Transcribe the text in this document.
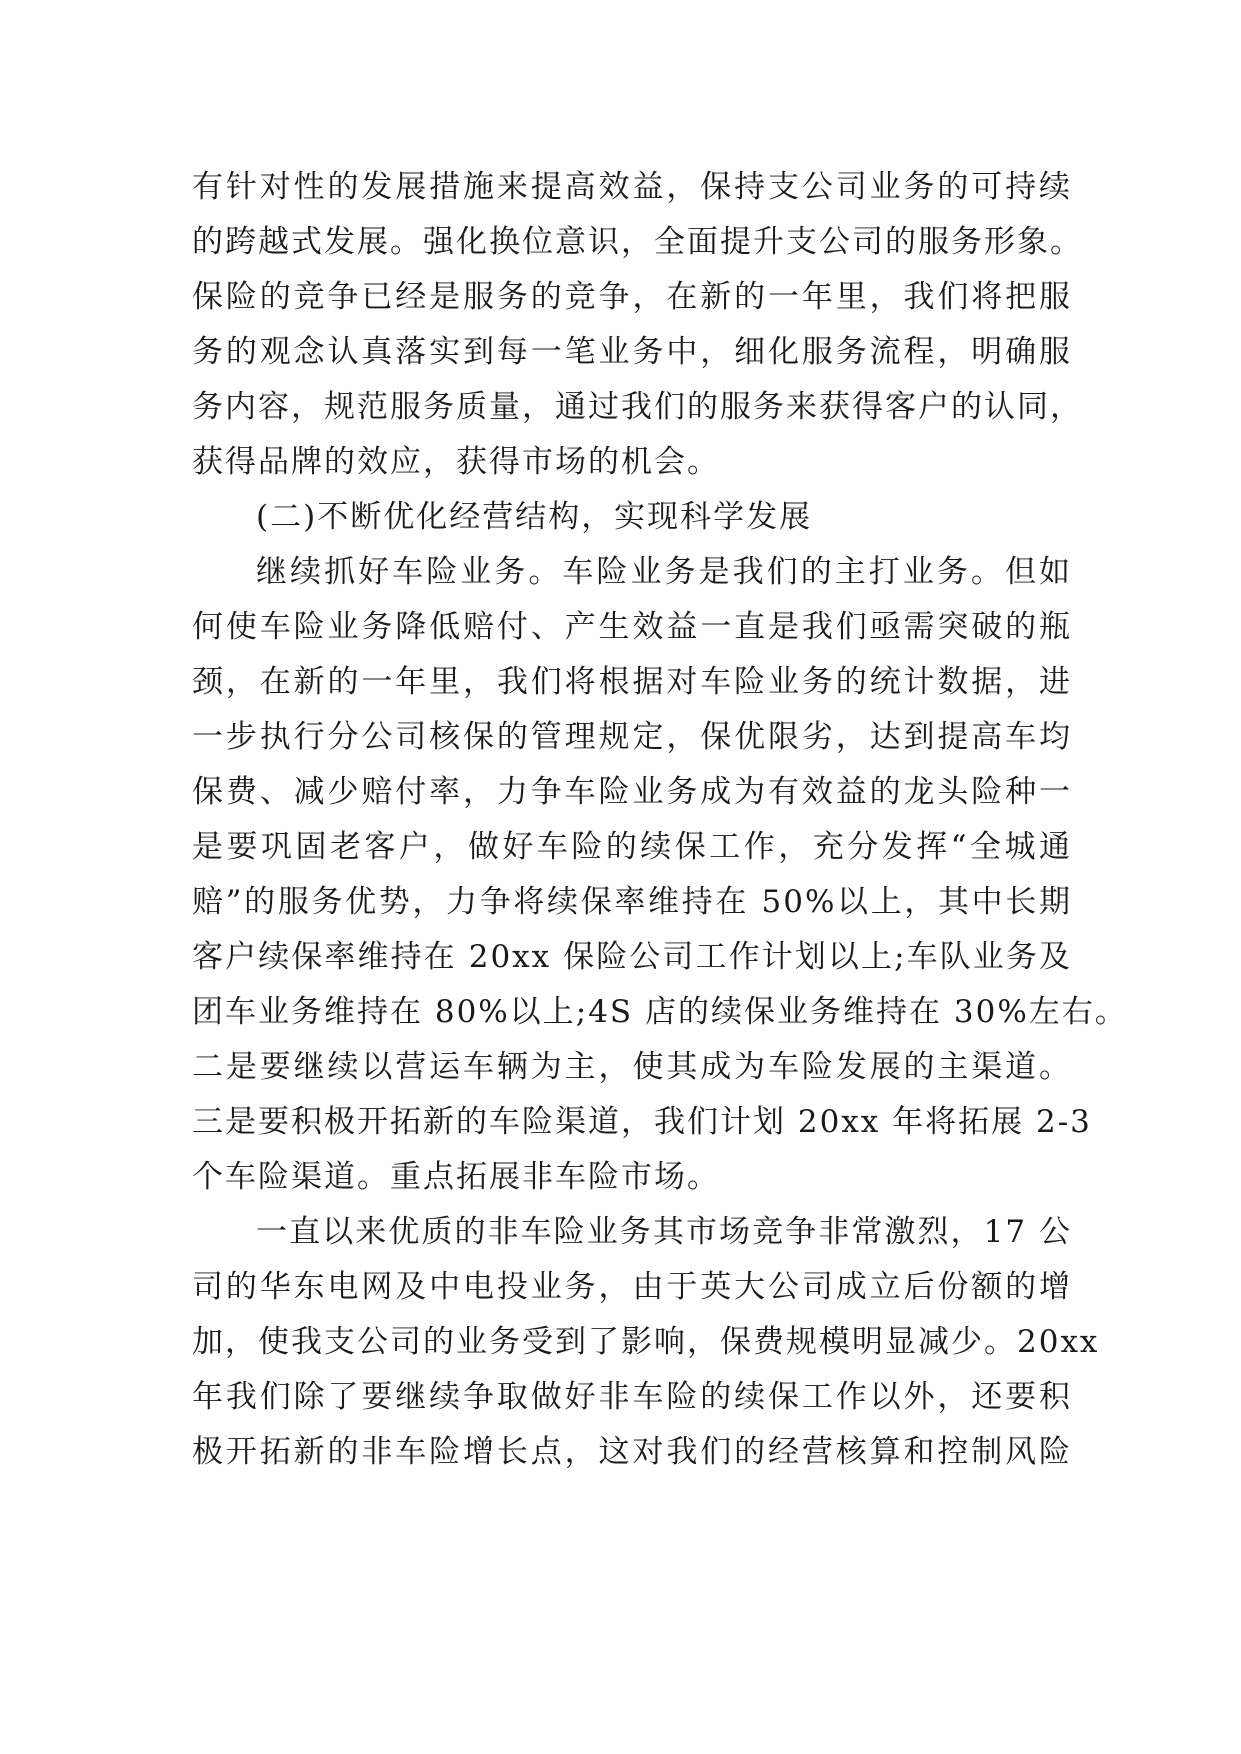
有针对性的发展措施来提高效益，保持支公司业务的可持续
的跨越式发展。强化换位意识，全面提升支公司的服务形象。
保险的竞争已经是服务的竞争，在新的一年里，我们将把服
务的观念认真落实到每一笔业务中，细化服务流程，明确服
务内容，规范服务质量，通过我们的服务来获得客户的认同，
获得品牌的效应，获得市场的机会。
(二)不断优化经营结构，实现科学发展
继续抓好车险业务。车险业务是我们的主打业务。但如
何使车险业务降低赔付、产生效益一直是我们亟需突破的瓶
颈，在新的一年里，我们将根据对车险业务的统计数据，进
一步执行分公司核保的管理规定，保优限劣，达到提高车均
保费、减少赔付率，力争车险业务成为有效益的龙头险种一
是要巩固老客户，做好车险的续保工作，充分发挥“全城通
赔”的服务优势，力争将续保率维持在 50%以上，其中长期
客户续保率维持在 20xx 保险公司工作计划以上;车队业务及
团车业务维持在 80%以上;4S 店的续保业务维持在 30%左右。
二是要继续以营运车辆为主，使其成为车险发展的主渠道。
三是要积极开拓新的车险渠道，我们计划 20xx 年将拓展 2-3
个车险渠道。重点拓展非车险市场。
一直以来优质的非车险业务其市场竞争非常激烈，17 公
司的华东电网及中电投业务，由于英大公司成立后份额的增
加，使我支公司的业务受到了影响，保费规模明显减少。20xx
年我们除了要继续争取做好非车险的续保工作以外，还要积
极开拓新的非车险增长点，这对我们的经营核算和控制风险
